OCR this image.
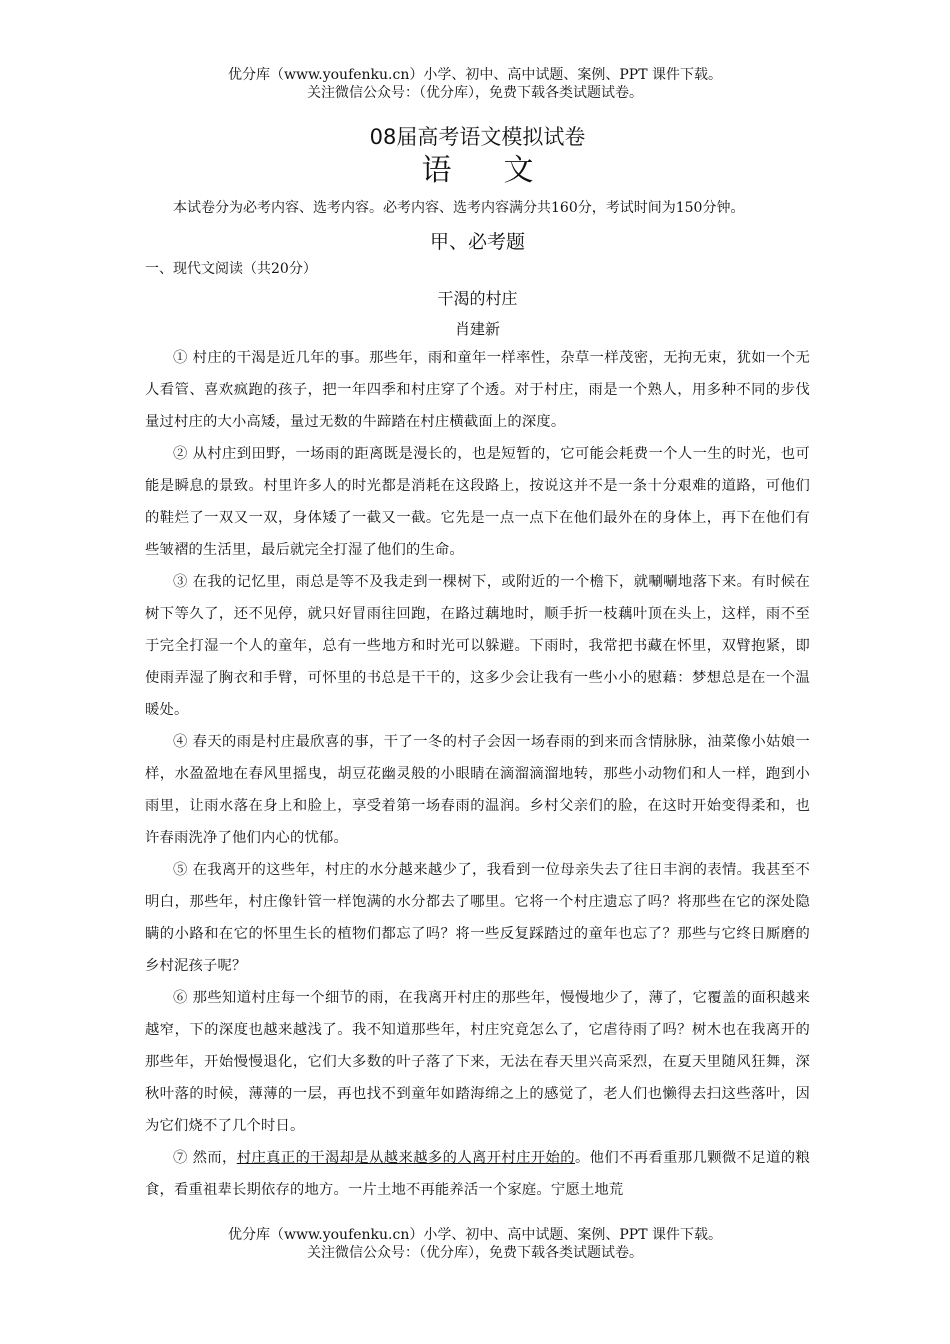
优分库（www.youfenku.cn）小学、初中、高中试题、案例、PPT 课件下载。
关注微信公众号：（优分库），免费下载各类试题试卷。
08届高考语文模拟试卷
语文

本试卷分为必考内容、选考内容。必考内容、选考内容满分共160分，考试时间为150分钟。

甲、必考题
一、现代文阅读（共20分）
干渴的村庄
肖建新

① 村庄的干渴是近几年的事。那些年，雨和童年一样率性，杂草一样茂密，无拘无束，犹如一个无人看管、喜欢疯跑的孩子，把一年四季和村庄穿了个透。对于村庄，雨是一个熟人，用多种不同的步伐量过村庄的大小高矮，量过无数的牛蹄踏在村庄横截面上的深度。

② 从村庄到田野，一场雨的距离既是漫长的，也是短暂的，它可能会耗费一个人一生的时光，也可能是瞬息的景致。村里许多人的时光都是消耗在这段路上，按说这并不是一条十分艰难的道路，可他们的鞋烂了一双又一双，身体矮了一截又一截。它先是一点一点下在他们最外在的身体上，再下在他们有些皱褶的生活里，最后就完全打湿了他们的生命。

③ 在我的记忆里，雨总是等不及我走到一棵树下，或附近的一个檐下，就唰唰地落下来。有时候在树下等久了，还不见停，就只好冒雨往回跑，在路过藕地时，顺手折一枝藕叶顶在头上，这样，雨不至于完全打湿一个人的童年，总有一些地方和时光可以躲避。下雨时，我常把书藏在怀里，双臂抱紧，即使雨弄湿了胸衣和手臂，可怀里的书总是干干的，这多少会让我有一些小小的慰藉：梦想总是在一个温暖处。

④ 春天的雨是村庄最欣喜的事，干了一冬的村子会因一场春雨的到来而含情脉脉，油菜像小姑娘一样，水盈盈地在春风里摇曳，胡豆花幽灵般的小眼睛在滴溜滴溜地转，那些小动物们和人一样，跑到小雨里，让雨水落在身上和脸上，享受着第一场春雨的温润。乡村父亲们的脸，在这时开始变得柔和，也许春雨洗净了他们内心的忧郁。

⑤ 在我离开的这些年，村庄的水分越来越少了，我看到一位母亲失去了往日丰润的表情。我甚至不明白，那些年，村庄像针管一样饱满的水分都去了哪里。它将一个村庄遗忘了吗？将那些在它的深处隐瞒的小路和在它的怀里生长的植物们都忘了吗？将一些反复踩踏过的童年也忘了？那些与它终日厮磨的乡村泥孩子呢？

⑥ 那些知道村庄每一个细节的雨，在我离开村庄的那些年，慢慢地少了，薄了，它覆盖的面积越来越窄，下的深度也越来越浅了。我不知道那些年，村庄究竟怎么了，它虐待雨了吗？树木也在我离开的那些年，开始慢慢退化，它们大多数的叶子落了下来，无法在春天里兴高采烈，在夏天里随风狂舞，深秋叶落的时候，薄薄的一层，再也找不到童年如踏海绵之上的感觉了，老人们也懒得去扫这些落叶，因为它们烧不了几个时日。

⑦ 然而，村庄真正的干渴却是从越来越多的人离开村庄开始的。他们不再看重那几颗微不足道的粮食，看重祖辈长期依存的地方。一片土地不再能养活一个家庭。宁愿土地荒

优分库（www.youfenku.cn）小学、初中、高中试题、案例、PPT 课件下载。
关注微信公众号：（优分库），免费下载各类试题试卷。
